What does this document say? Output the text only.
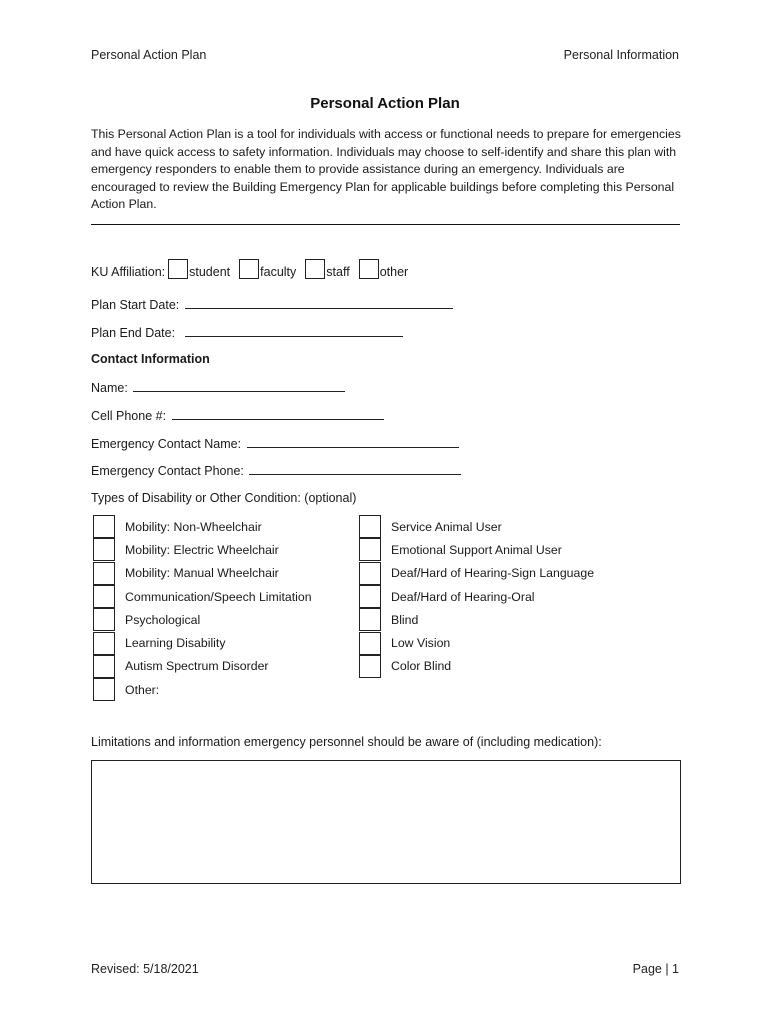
Personal Action Plan	Personal Information
Personal Action Plan
This Personal Action Plan is a tool for individuals with access or functional needs to prepare for emergencies and have quick access to safety information. Individuals may choose to self-identify and share this plan with emergency responders to enable them to provide assistance during an emergency. Individuals are encouraged to review the Building Emergency Plan for applicable buildings before completing this Personal Action Plan.
KU Affiliation: student faculty staff other
Plan Start Date:
Plan End Date:
Contact Information
Name:
Cell Phone #:
Emergency Contact Name:
Emergency Contact Phone:
Types of Disability or Other Condition: (optional)
Mobility: Non-Wheelchair
Mobility: Electric Wheelchair
Mobility: Manual Wheelchair
Communication/Speech Limitation
Psychological
Learning Disability
Autism Spectrum Disorder
Other:
Service Animal User
Emotional Support Animal User
Deaf/Hard of Hearing-Sign Language
Deaf/Hard of Hearing-Oral
Blind
Low Vision
Color Blind
Limitations and information emergency personnel should be aware of (including medication):
Revised: 5/18/2021	Page | 1
